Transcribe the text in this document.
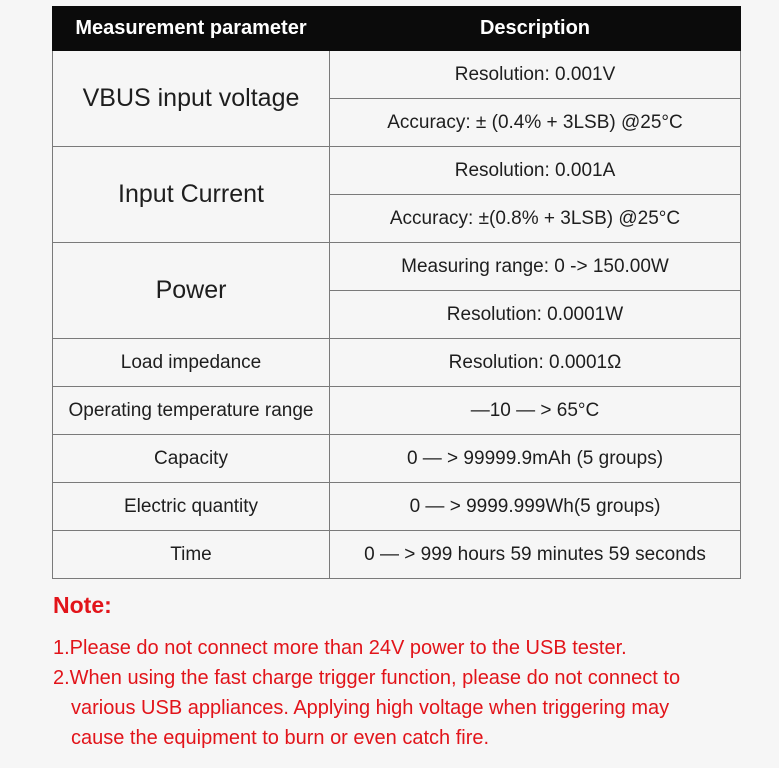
Measurement parameter	Description
VBUS input voltage	Resolution: 0.001V
	Accuracy: ± (0.4% + 3LSB) @25°C
Input Current	Resolution: 0.001A
	Accuracy: ±(0.8% + 3LSB) @25°C
Power	Measuring range: 0 -> 150.00W
	Resolution: 0.0001W
Load impedance	Resolution: 0.0001Ω
Operating temperature range	—10 — > 65°C
Capacity	0 — > 99999.9mAh (5 groups)
Electric quantity	0 — > 9999.999Wh(5 groups)
Time	0 — > 999 hours 59 minutes 59 seconds

Note:

1.Please do not connect more than 24V power to the USB tester.

2.When using the fast charge trigger function, please do not connect to
various USB appliances. Applying high voltage when triggering may
cause the equipment to burn or even catch fire.
